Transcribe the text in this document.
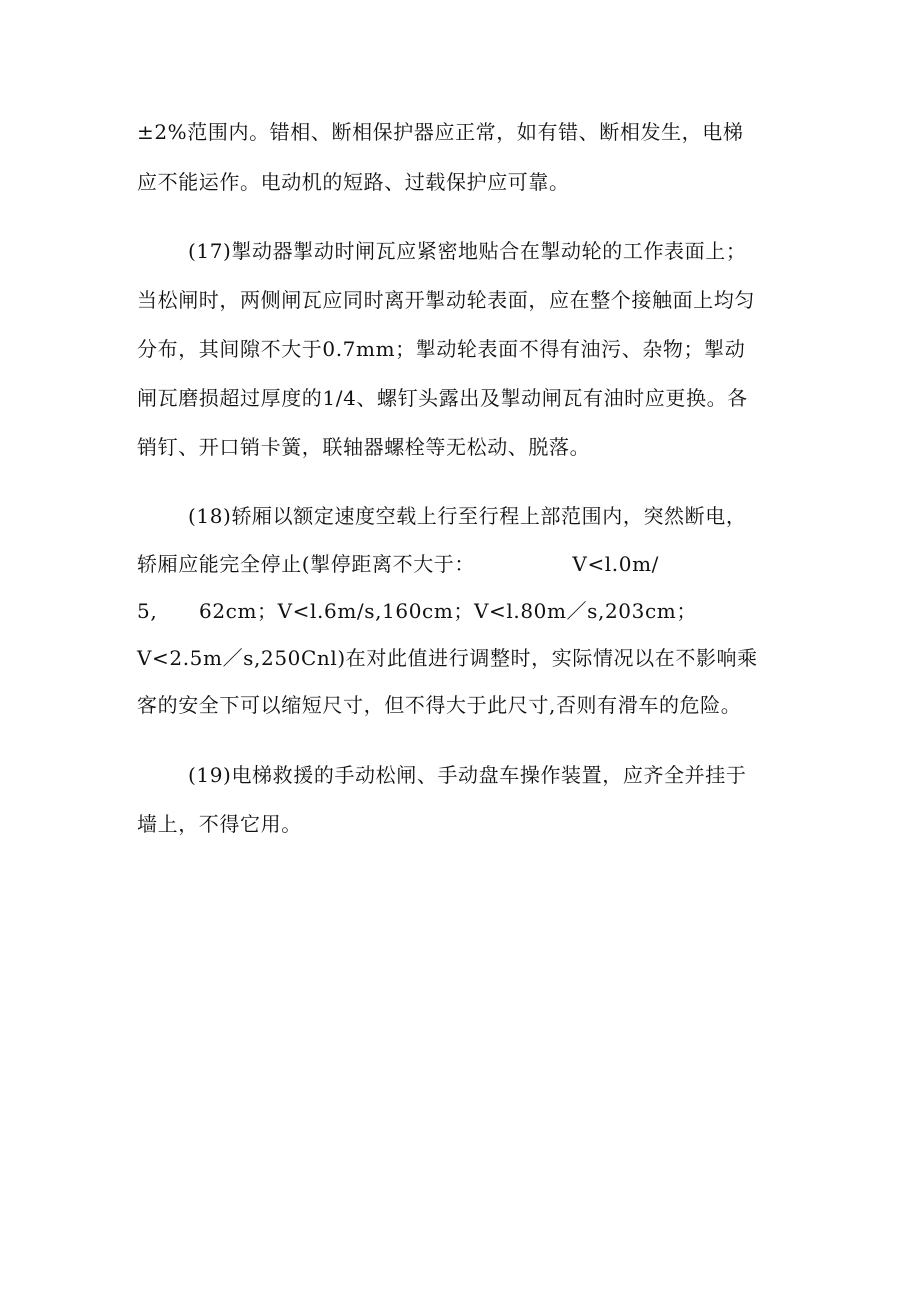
±2%范围内。错相、断相保护器应正常，如有错、断相发生，电梯
应不能运作。电动机的短路、过载保护应可靠。
(17)掣动器掣动时闸瓦应紧密地贴合在掣动轮的工作表面上；
当松闸时，两侧闸瓦应同时离开掣动轮表面，应在整个接触面上均匀
分布，其间隙不大于0.7mm；掣动轮表面不得有油污、杂物；掣动
闸瓦磨损超过厚度的1/4、螺钉头露出及掣动闸瓦有油时应更换。各
销钉、开口销卡簧，联轴器螺栓等无松动、脱落。
(18)轿厢以额定速度空载上行至行程上部范围内，突然断电，
轿厢应能完全停止(掣停距离不大于：              V<l.0m/
5,      62cm；V<l.6m/s,160cm；V<l.80m／s,203cm；
V<2.5m／s,250Cnl)在对此值进行调整时，实际情况以在不影响乘
客的安全下可以缩短尺寸，但不得大于此尺寸,否则有滑车的危险。
(19)电梯救援的手动松闸、手动盘车操作装置，应齐全并挂于
墙上，不得它用。
